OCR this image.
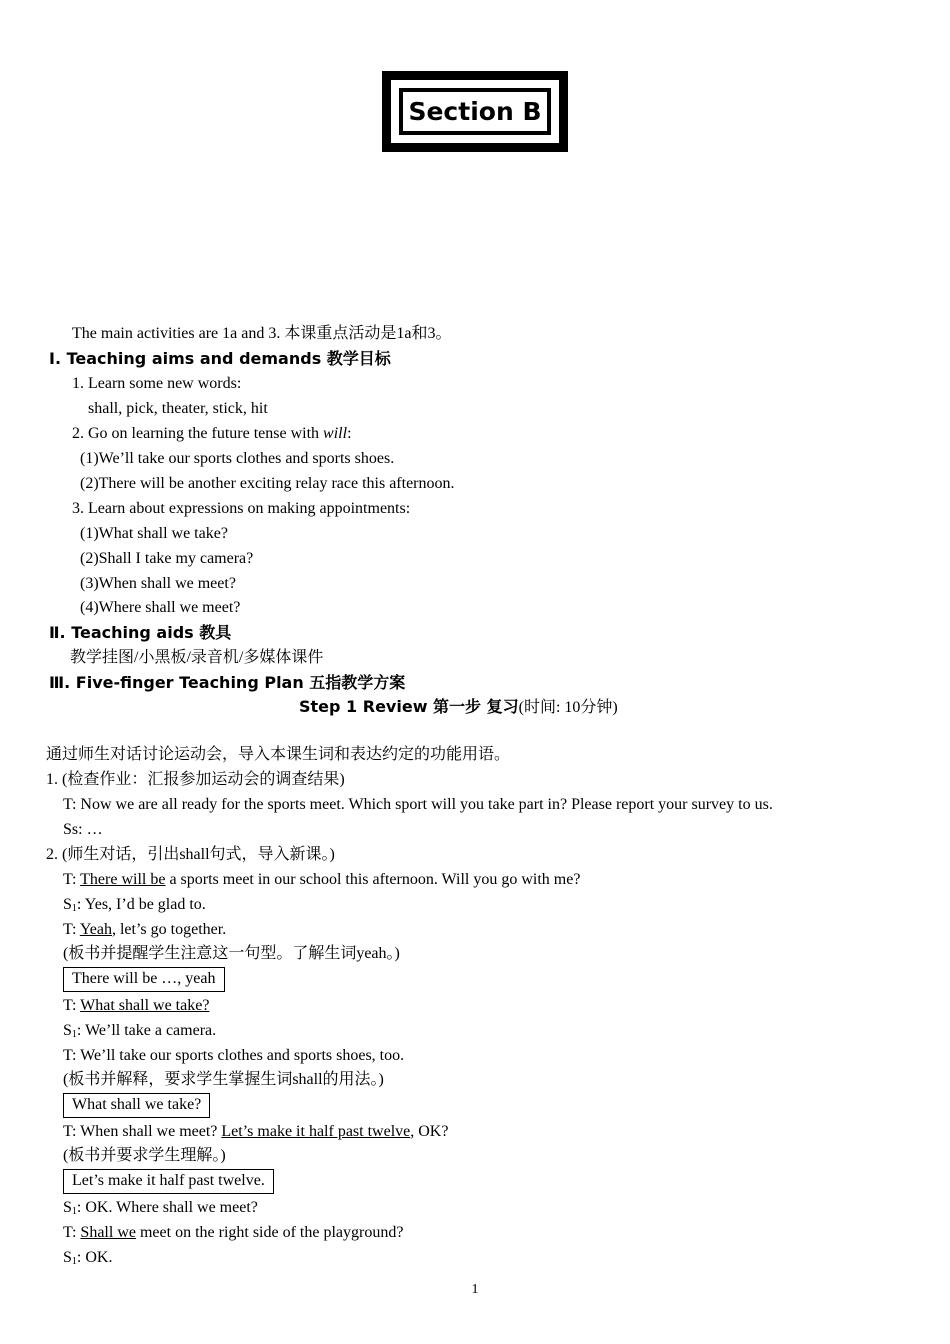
Section B
The main activities are 1a and 3. 本课重点活动是1a和3。
Ⅰ. Teaching aims and demands 教学目标
1. Learn some new words:
shall, pick, theater, stick, hit
2. Go on learning the future tense with will:
(1)We’ll take our sports clothes and sports shoes.
(2)There will be another exciting relay race this afternoon.
3. Learn about expressions on making appointments:
(1)What shall we take?
(2)Shall I take my camera?
(3)When shall we meet?
(4)Where shall we meet?
Ⅱ. Teaching aids 教具
教学挂图/小黑板/录音机/多媒体课件
Ⅲ. Five-finger Teaching Plan 五指教学方案
Step 1 Review 第一步 复习(时间: 10分钟)
通过师生对话讨论运动会，导入本课生词和表达约定的功能用语。
1. (检查作业：汇报参加运动会的调查结果)
T: Now we are all ready for the sports meet. Which sport will you take part in? Please report your survey to us.
Ss: …
2. (师生对话，引出shall句式，导入新课。)
T: There will be a sports meet in our school this afternoon. Will you go with me?
$S_1$: Yes, I’d be glad to.
T: Yeah, let’s go together.
(板书并提醒学生注意这一句型。了解生词yeah。)
There will be …, yeah
T: What shall we take?
$S_1$: We’ll take a camera.
T: We’ll take our sports clothes and sports shoes, too.
(板书并解释，要求学生掌握生词shall的用法。)
What shall we take?
T: When shall we meet? Let’s make it half past twelve, OK?
(板书并要求学生理解。)
Let’s make it half past twelve.
$S_1$: OK. Where shall we meet?
T: Shall we meet on the right side of the playground?
$S_1$: OK.
1
